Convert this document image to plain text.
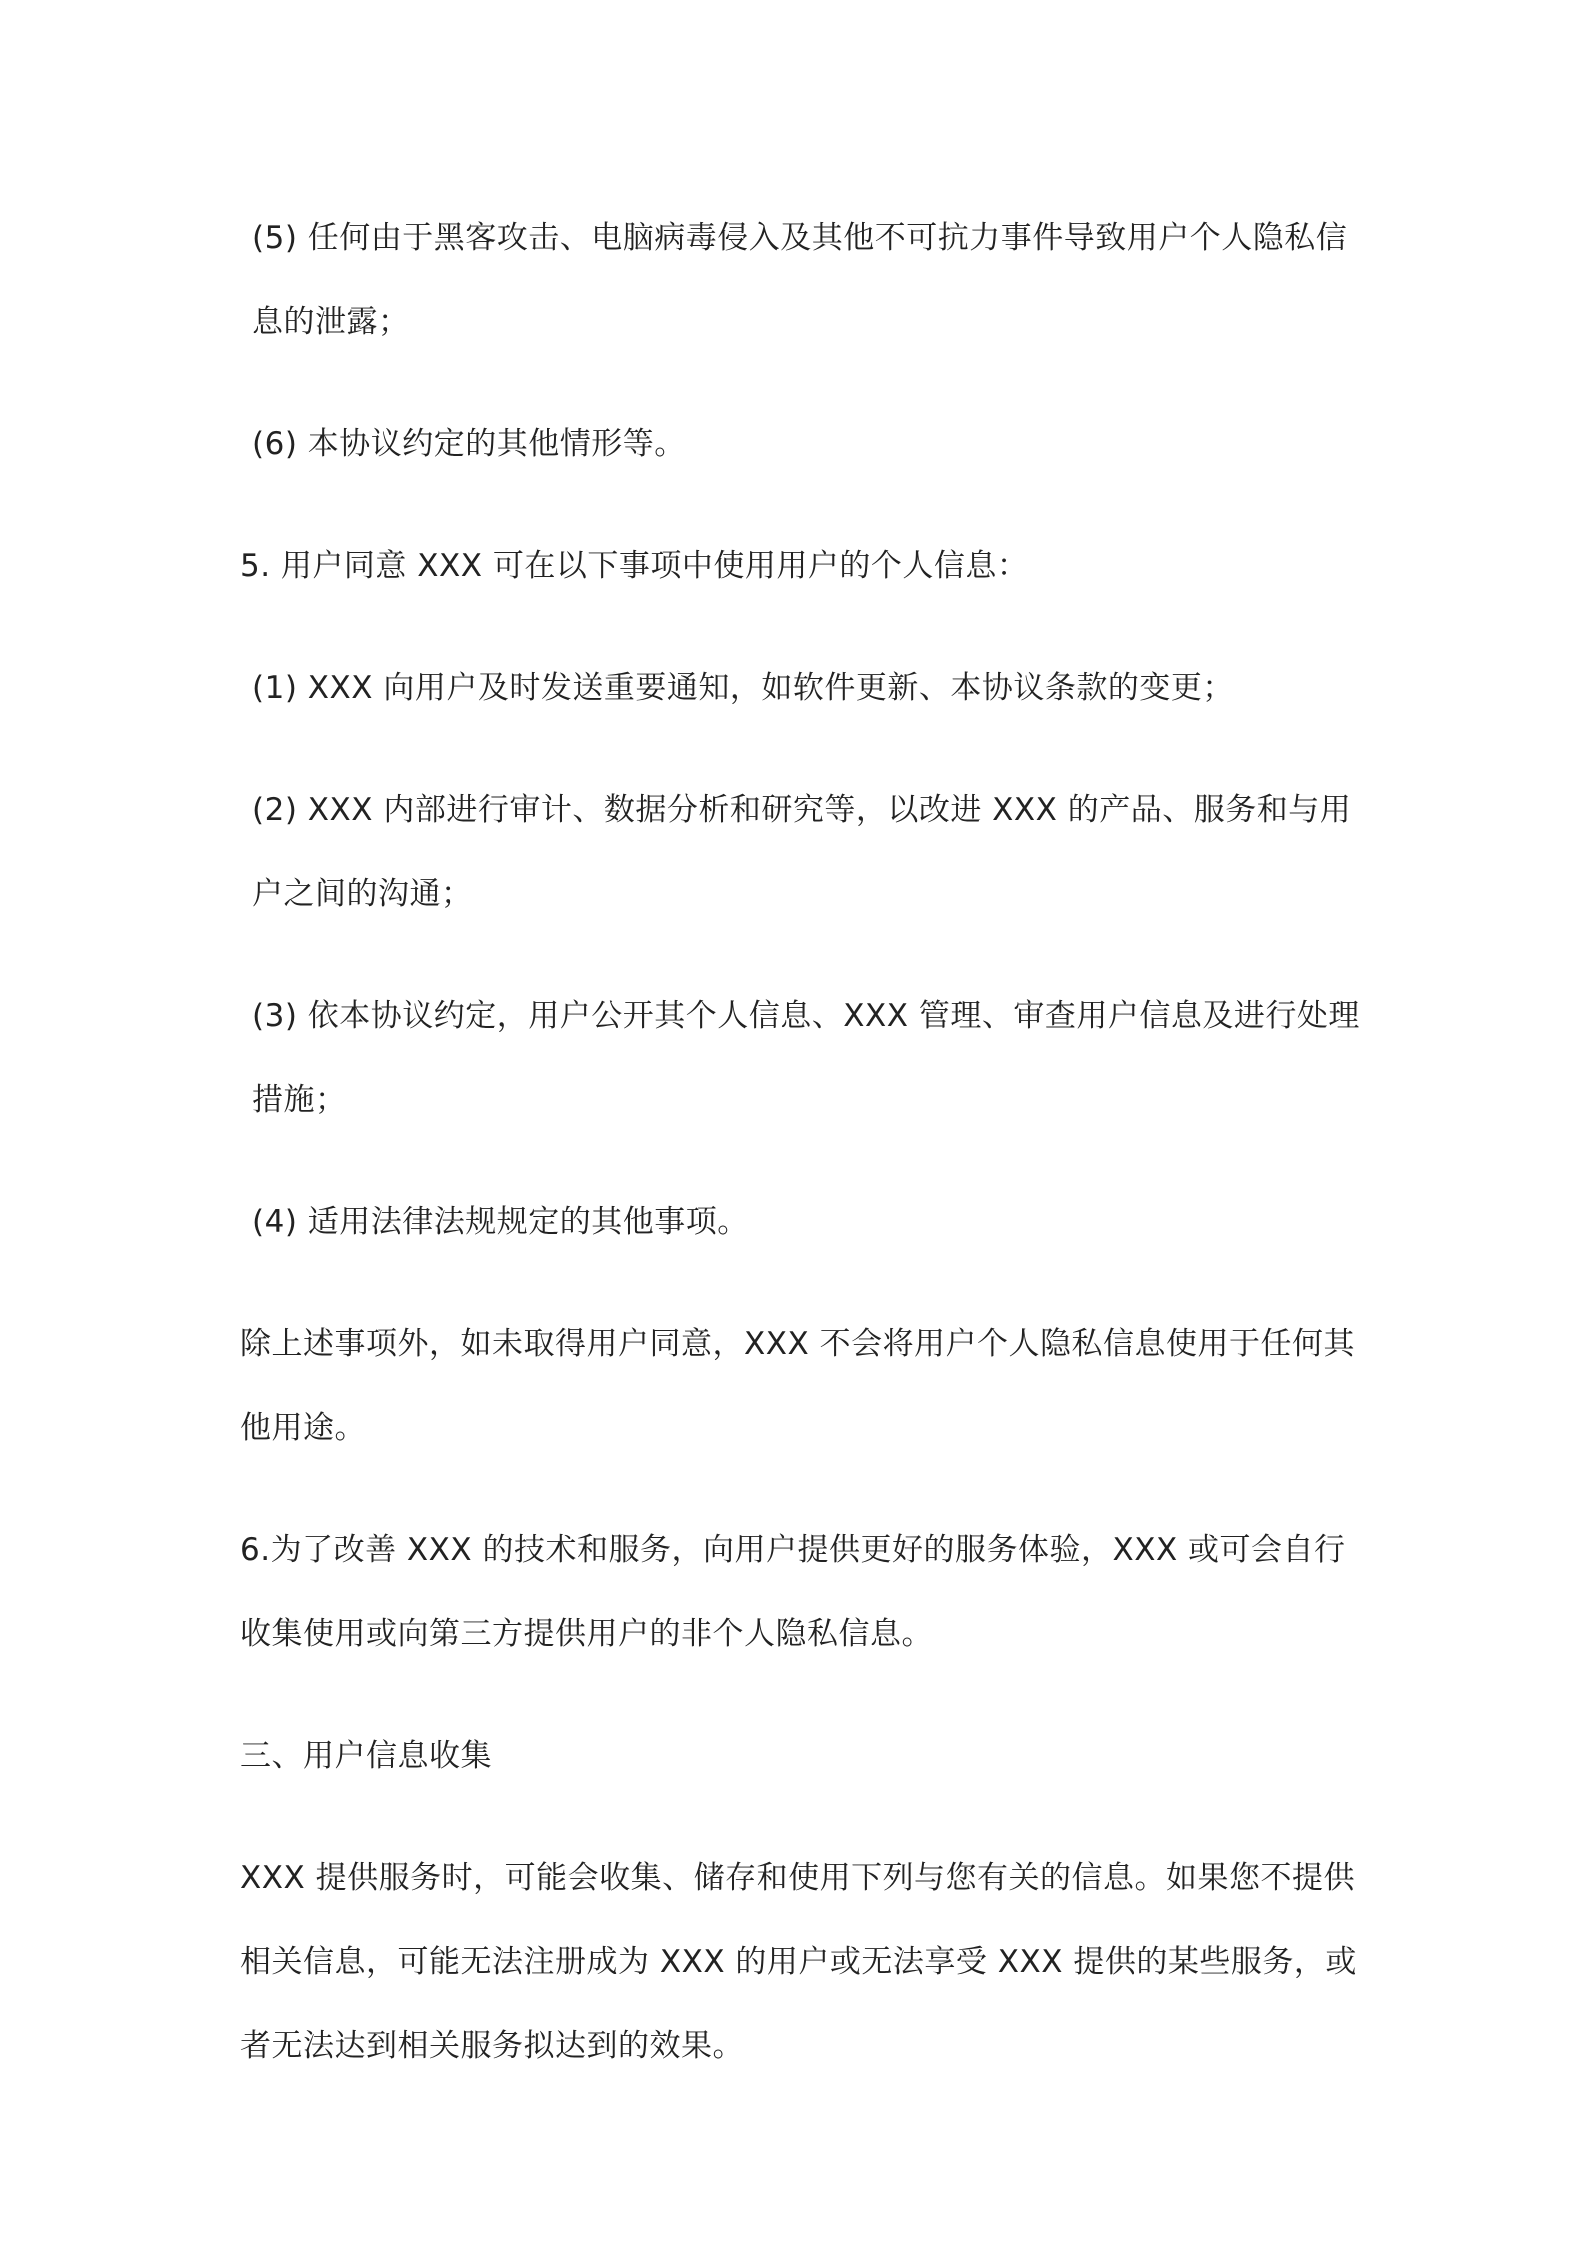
(5) 任何由于黑客攻击、电脑病毒侵入及其他不可抗力事件导致用户个人隐私信息的泄露；

(6) 本协议约定的其他情形等。

5. 用户同意 XXX 可在以下事项中使用用户的个人信息：

(1) XXX 向用户及时发送重要通知，如软件更新、本协议条款的变更；

(2) XXX 内部进行审计、数据分析和研究等，以改进 XXX 的产品、服务和与用户之间的沟通；

(3) 依本协议约定，用户公开其个人信息、XXX 管理、审查用户信息及进行处理措施；

(4) 适用法律法规规定的其他事项。

除上述事项外，如未取得用户同意，XXX 不会将用户个人隐私信息使用于任何其他用途。

6.为了改善 XXX 的技术和服务，向用户提供更好的服务体验，XXX 或可会自行收集使用或向第三方提供用户的非个人隐私信息。

三、用户信息收集

XXX 提供服务时，可能会收集、储存和使用下列与您有关的信息。如果您不提供相关信息，可能无法注册成为 XXX 的用户或无法享受 XXX 提供的某些服务，或者无法达到相关服务拟达到的效果。
